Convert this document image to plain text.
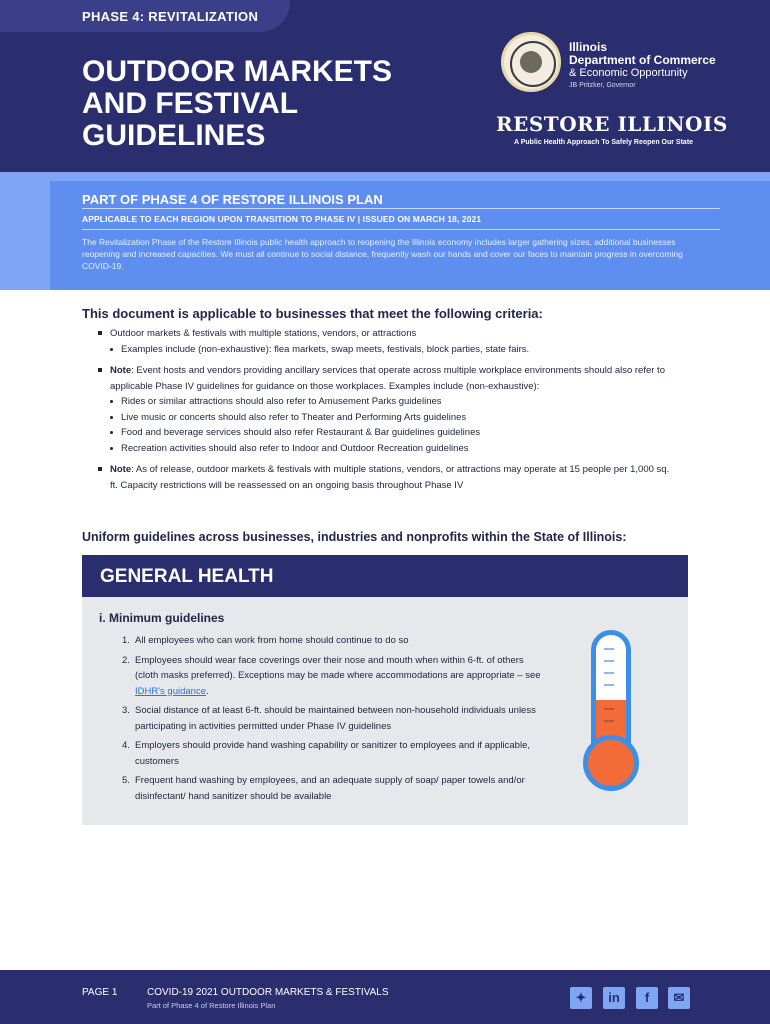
PHASE 4: REVITALIZATION
OUTDOOR MARKETS
AND FESTIVAL
GUIDELINES
Illinois
Department of Commerce
& Economic Opportunity
JB Pritzker, Governor
RESTORE ILLINOIS
A Public Health Approach To Safely Reopen Our State
PART OF PHASE 4 OF RESTORE ILLINOIS PLAN
APPLICABLE TO EACH REGION UPON TRANSITION TO PHASE IV | ISSUED ON MARCH 18, 2021
The Revitalization Phase of the Restore Illinois public health approach to reopening the Illinois economy includes larger gathering sizes, additional businesses reopening and increased capacities. We must all continue to social distance, frequently wash our hands and cover our faces to maintain progress in overcoming COVID-19.
This document is applicable to businesses that meet the following criteria:
Outdoor markets & festivals with multiple stations, vendors, or attractions
Examples include (non-exhaustive): flea markets, swap meets, festivals, block parties, state fairs.
Note: Event hosts and vendors providing ancillary services that operate across multiple workplace environments should also refer to applicable Phase IV guidelines for guidance on those workplaces. Examples include (non-exhaustive):
Rides or similar attractions should also refer to Amusement Parks guidelines
Live music or concerts should also refer to Theater and Performing Arts guidelines
Food and beverage services should also refer Restaurant & Bar guidelines guidelines
Recreation activities should also refer to Indoor and Outdoor Recreation guidelines
Note: As of release, outdoor markets & festivals with multiple stations, vendors, or attractions may operate at 15 people per 1,000 sq. ft. Capacity restrictions will be reassessed on an ongoing basis throughout Phase IV
Uniform guidelines across businesses, industries and nonprofits within the State of Illinois:
GENERAL HEALTH
i. Minimum guidelines
1. All employees who can work from home should continue to do so
2. Employees should wear face coverings over their nose and mouth when within 6-ft. of others (cloth masks preferred). Exceptions may be made where accommodations are appropriate – see IDHR's guidance.
3. Social distance of at least 6-ft. should be maintained between non-household individuals unless participating in activities permitted under Phase IV guidelines
4. Employers should provide hand washing capability or sanitizer to employees and if applicable, customers
5. Frequent hand washing by employees, and an adequate supply of soap/ paper towels and/or disinfectant/ hand sanitizer should be available
PAGE 1	COVID-19 2021 OUTDOOR MARKETS & FESTIVALS
Part of Phase 4 of Restore Illinois Plan
✦	in	f	✉
